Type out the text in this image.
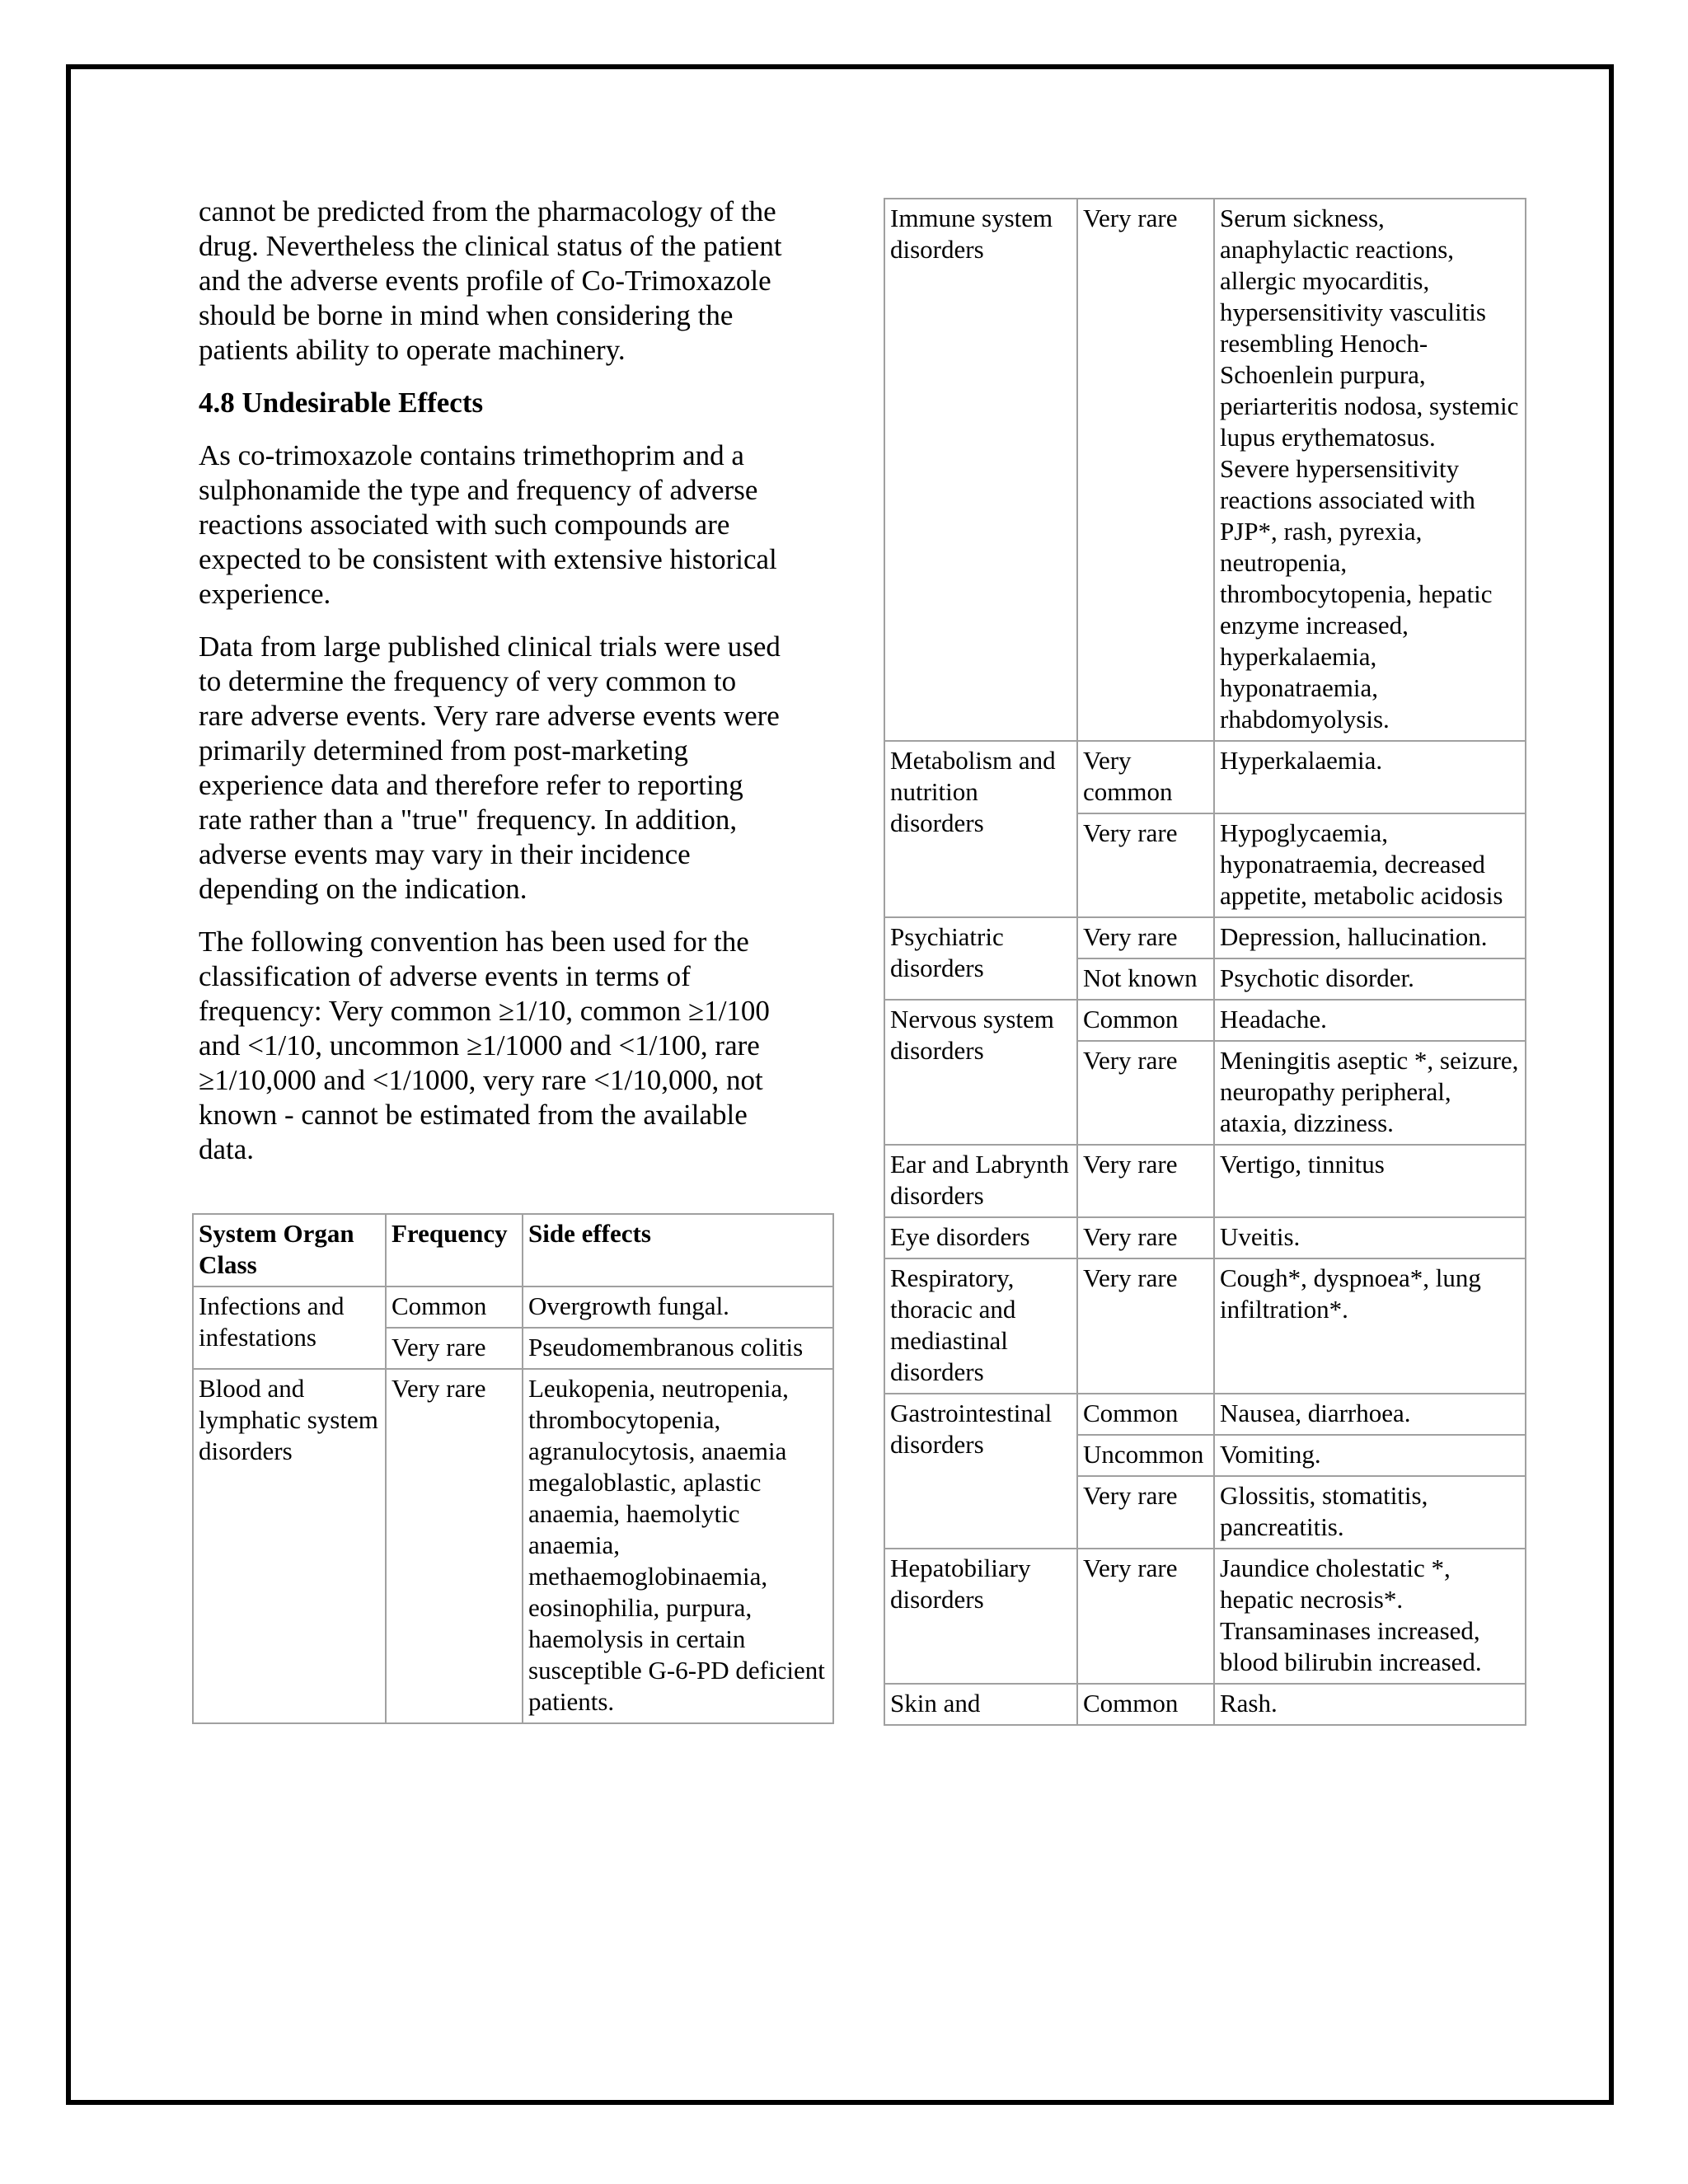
cannot be predicted from the pharmacology of the drug. Nevertheless the clinical status of the patient and the adverse events profile of Co-Trimoxazole should be borne in mind when considering the patients ability to operate machinery.

4.8 Undesirable Effects

As co-trimoxazole contains trimethoprim and a sulphonamide the type and frequency of adverse reactions associated with such compounds are expected to be consistent with extensive historical experience.

Data from large published clinical trials were used to determine the frequency of very common to rare adverse events. Very rare adverse events were primarily determined from post-marketing experience data and therefore refer to reporting rate rather than a "true" frequency. In addition, adverse events may vary in their incidence depending on the indication.

The following convention has been used for the classification of adverse events in terms of frequency: Very common ≥1/10, common ≥1/100 and <1/10, uncommon ≥1/1000 and <1/100, rare ≥1/10,000 and <1/1000, very rare <1/10,000, not known - cannot be estimated from the available data.

System Organ Class	Frequency	Side effects
Infections and infestations	Common	Overgrowth fungal.
	Very rare	Pseudomembranous colitis
Blood and lymphatic system disorders	Very rare	Leukopenia, neutropenia, thrombocytopenia, agranulocytosis, anaemia megaloblastic, aplastic anaemia, haemolytic anaemia, methaemoglobinaemia, eosinophilia, purpura, haemolysis in certain susceptible G-6-PD deficient patients.
Immune system disorders	Very rare	Serum sickness, anaphylactic reactions, allergic myocarditis, hypersensitivity vasculitis resembling Henoch-Schoenlein purpura, periarteritis nodosa, systemic lupus erythematosus.
Severe hypersensitivity reactions associated with PJP*, rash, pyrexia, neutropenia, thrombocytopenia, hepatic enzyme increased, hyperkalaemia, hyponatraemia, rhabdomyolysis.

Metabolism and nutrition disorders	Very common	Hyperkalaemia.
	Very rare	Hypoglycaemia, hyponatraemia, decreased appetite, metabolic acidosis
Psychiatric disorders	Very rare	Depression, hallucination.
	Not known	Psychotic disorder.
Nervous system disorders	Common	Headache.
	Very rare	Meningitis aseptic *, seizure, neuropathy peripheral, ataxia, dizziness.
Ear and Labrynth disorders	Very rare	Vertigo, tinnitus
Eye disorders	Very rare	Uveitis.
Respiratory, thoracic and mediastinal disorders	Very rare	Cough*, dyspnoea*, lung infiltration*.
Gastrointestinal disorders	Common	Nausea, diarrhoea.
	Uncommon	Vomiting.
	Very rare	Glossitis, stomatitis, pancreatitis.
Hepatobiliary disorders	Very rare	Jaundice cholestatic *, hepatic necrosis*. Transaminases increased, blood bilirubin increased.
Skin and	Common	Rash.
